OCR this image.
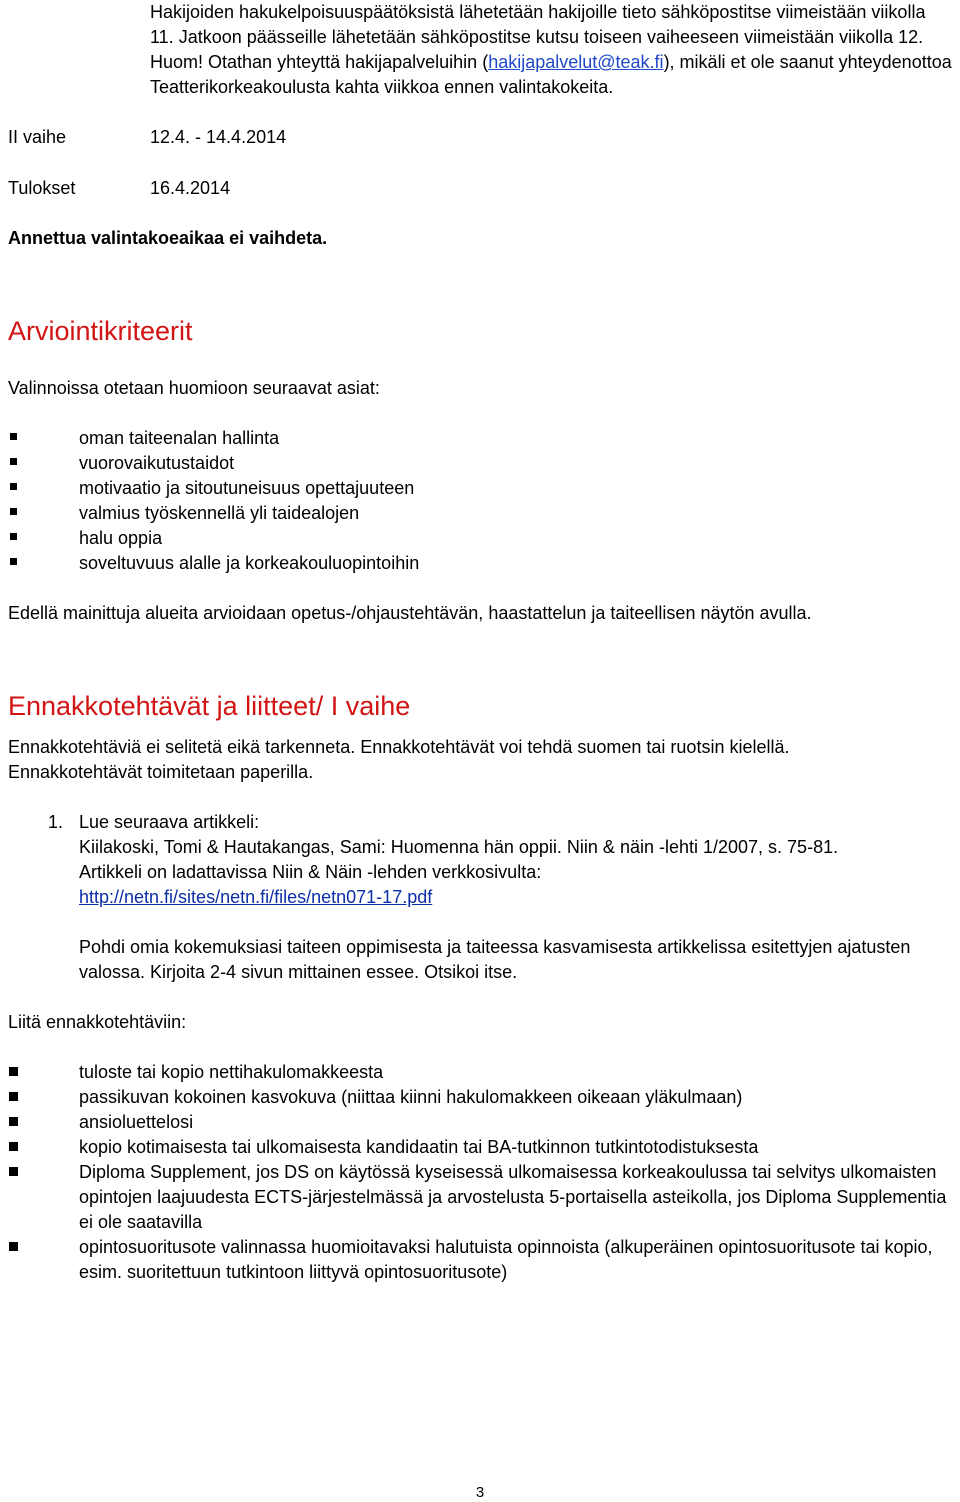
Hakijoiden hakukelpoisuuspäätöksistä lähetetään hakijoille tieto sähköpostitse viimeistään viikolla 11. Jatkoon päässeille lähetetään sähköpostitse kutsu toiseen vaiheeseen viimeistään viikolla 12. Huom! Otathan yhteyttä hakijapalveluihin (hakijapalvelut@teak.fi), mikäli et ole saanut yhteydenottoa Teatterikorkeakoulusta kahta viikkoa ennen valintakokeita.
II vaihe	12.4. - 14.4.2014
Tulokset	16.4.2014
Annettua valintakoeaikaa ei vaihdeta.
Arviointikriteerit
Valinnoissa otetaan huomioon seuraavat asiat:
oman taiteenalan hallinta
vuorovaikutustaidot
motivaatio ja sitoutuneisuus opettajuuteen
valmius työskennellä yli taidealojen
halu oppia
soveltuvuus alalle ja korkeakouluopintoihin
Edellä mainittuja alueita arvioidaan opetus-/ohjaustehtävän, haastattelun ja taiteellisen näytön avulla.
Ennakkotehtävät ja liitteet/ I vaihe
Ennakkotehtäviä ei selitetä eikä tarkenneta. Ennakkotehtävät voi tehdä suomen tai ruotsin kielellä.
Ennakkotehtävät toimitetaan paperilla.
1. Lue seuraava artikkeli:
Kiilakoski, Tomi & Hautakangas, Sami: Huomenna hän oppii. Niin & näin -lehti 1/2007, s. 75-81.
Artikkeli on ladattavissa Niin & Näin -lehden verkkosivulta:
http://netn.fi/sites/netn.fi/files/netn071-17.pdf
Pohdi omia kokemuksiasi taiteen oppimisesta ja taiteessa kasvamisesta artikkelissa esitettyjen ajatusten valossa. Kirjoita 2-4 sivun mittainen essee. Otsikoi itse.
Liitä ennakkotehtäviin:
tuloste tai kopio nettihakulomakkeesta
passikuvan kokoinen kasvokuva (niittaa kiinni hakulomakkeen oikeaan yläkulmaan)
ansioluettelosi
kopio kotimaisesta tai ulkomaisesta kandidaatin tai BA-tutkinnon tutkintotodistuksesta
Diploma Supplement, jos DS on käytössä kyseisessä ulkomaisessa korkeakoulussa tai selvitys ulkomaisten opintojen laajuudesta ECTS-järjestelmässä ja arvostelusta 5-portaisella asteikolla, jos Diploma Supplementia ei ole saatavilla
opintosuoritusote valinnassa huomioitavaksi halutuista opinnoista (alkuperäinen opintosuoritusote tai kopio, esim. suoritettuun tutkintoon liittyvä opintosuoritusote)
3
